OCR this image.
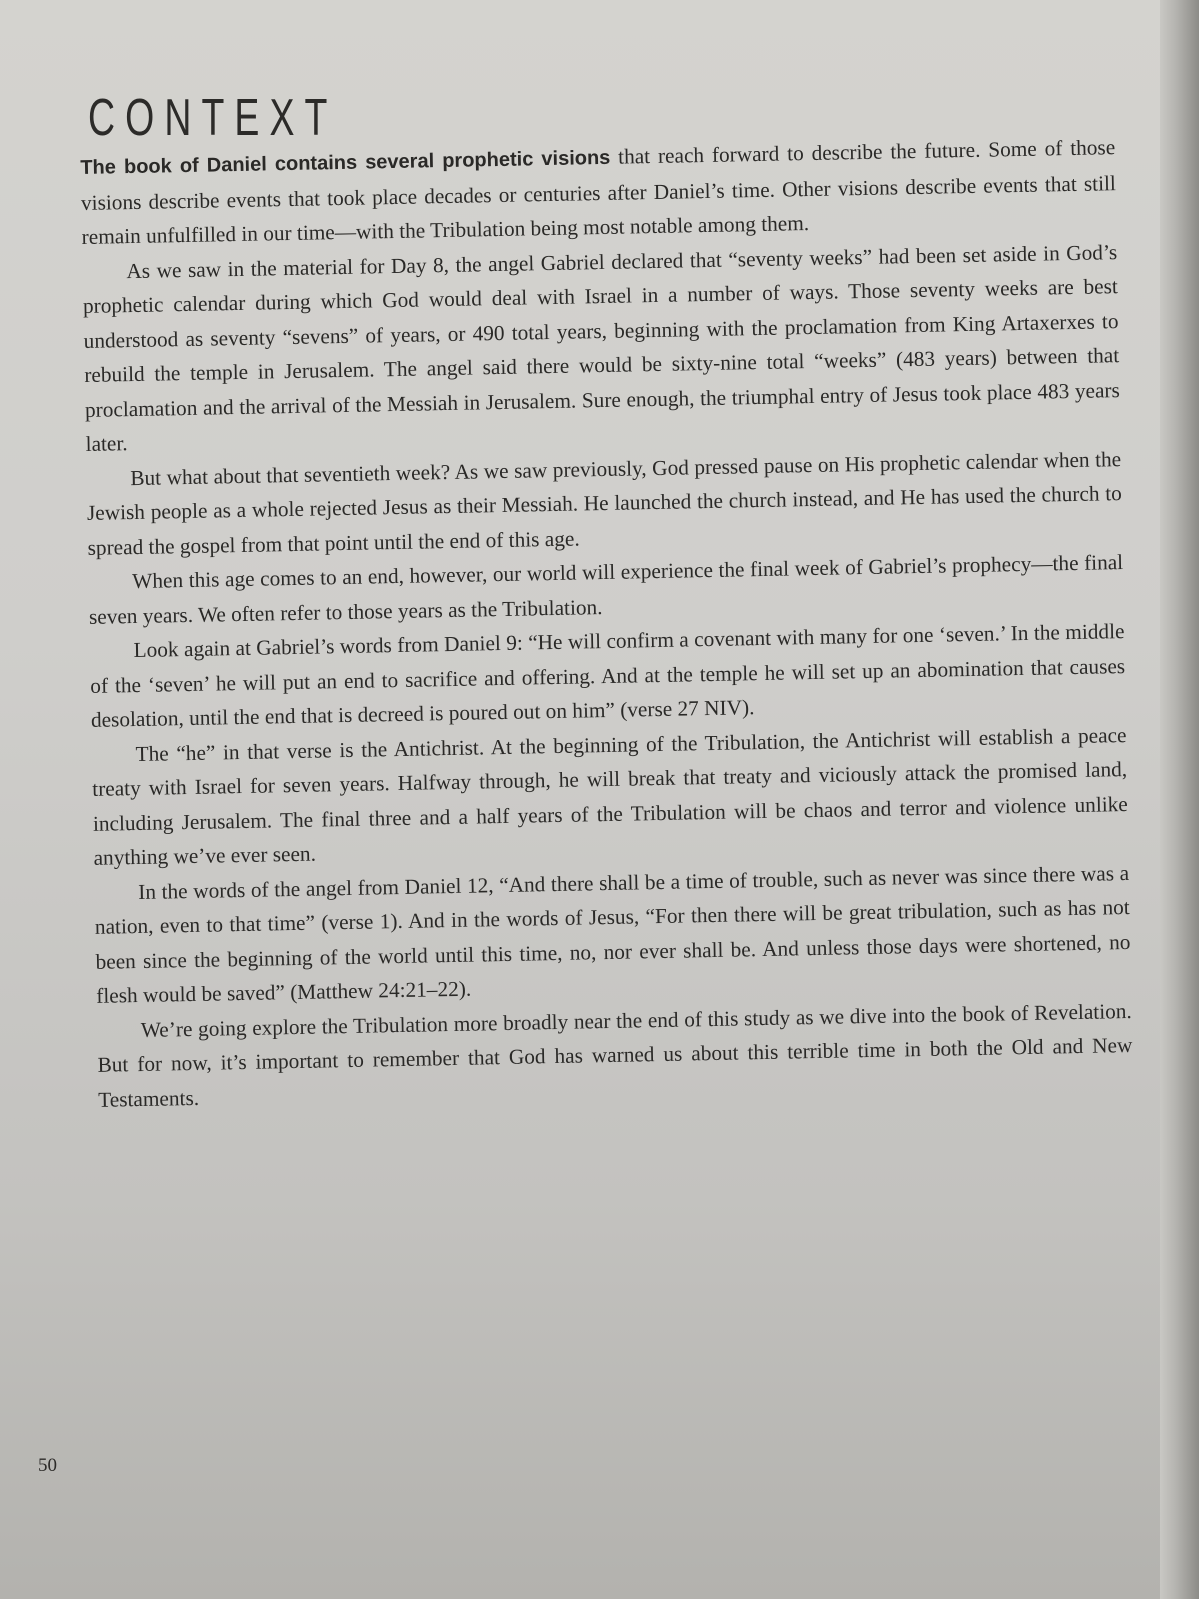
CONTEXT

The book of Daniel contains several prophetic visions that reach forward to describe the future. Some of those visions describe events that took place decades or centuries after Daniel’s time. Other visions describe events that still remain unfulfilled in our time—with the Tribulation being most notable among them.

As we saw in the material for Day 8, the angel Gabriel declared that “seventy weeks” had been set aside in God’s prophetic calendar during which God would deal with Israel in a number of ways. Those seventy weeks are best understood as seventy “sevens” of years, or 490 total years, beginning with the proclamation from King Artaxerxes to rebuild the temple in Jerusalem. The angel said there would be sixty-nine total “weeks” (483 years) between that proclamation and the arrival of the Messiah in Jerusalem. Sure enough, the triumphal entry of Jesus took place 483 years later.

But what about that seventieth week? As we saw previously, God pressed pause on His prophetic calendar when the Jewish people as a whole rejected Jesus as their Messiah. He launched the church instead, and He has used the church to spread the gospel from that point until the end of this age.

When this age comes to an end, however, our world will experience the final week of Gabriel’s prophecy—the final seven years. We often refer to those years as the Tribulation.

Look again at Gabriel’s words from Daniel 9: “He will confirm a covenant with many for one ‘seven.’ In the middle of the ‘seven’ he will put an end to sacrifice and offering. And at the temple he will set up an abomination that causes desolation, until the end that is decreed is poured out on him” (verse 27 NIV).

The “he” in that verse is the Antichrist. At the beginning of the Tribulation, the Antichrist will establish a peace treaty with Israel for seven years. Halfway through, he will break that treaty and viciously attack the promised land, including Jerusalem. The final three and a half years of the Tribulation will be chaos and terror and violence unlike anything we’ve ever seen.

In the words of the angel from Daniel 12, “And there shall be a time of trouble, such as never was since there was a nation, even to that time” (verse 1). And in the words of Jesus, “For then there will be great tribulation, such as has not been since the beginning of the world until this time, no, nor ever shall be. And unless those days were shortened, no flesh would be saved” (Matthew 24:21–22).

We’re going explore the Tribulation more broadly near the end of this study as we dive into the book of Revelation. But for now, it’s important to remember that God has warned us about this terrible time in both the Old and New Testaments.

50
